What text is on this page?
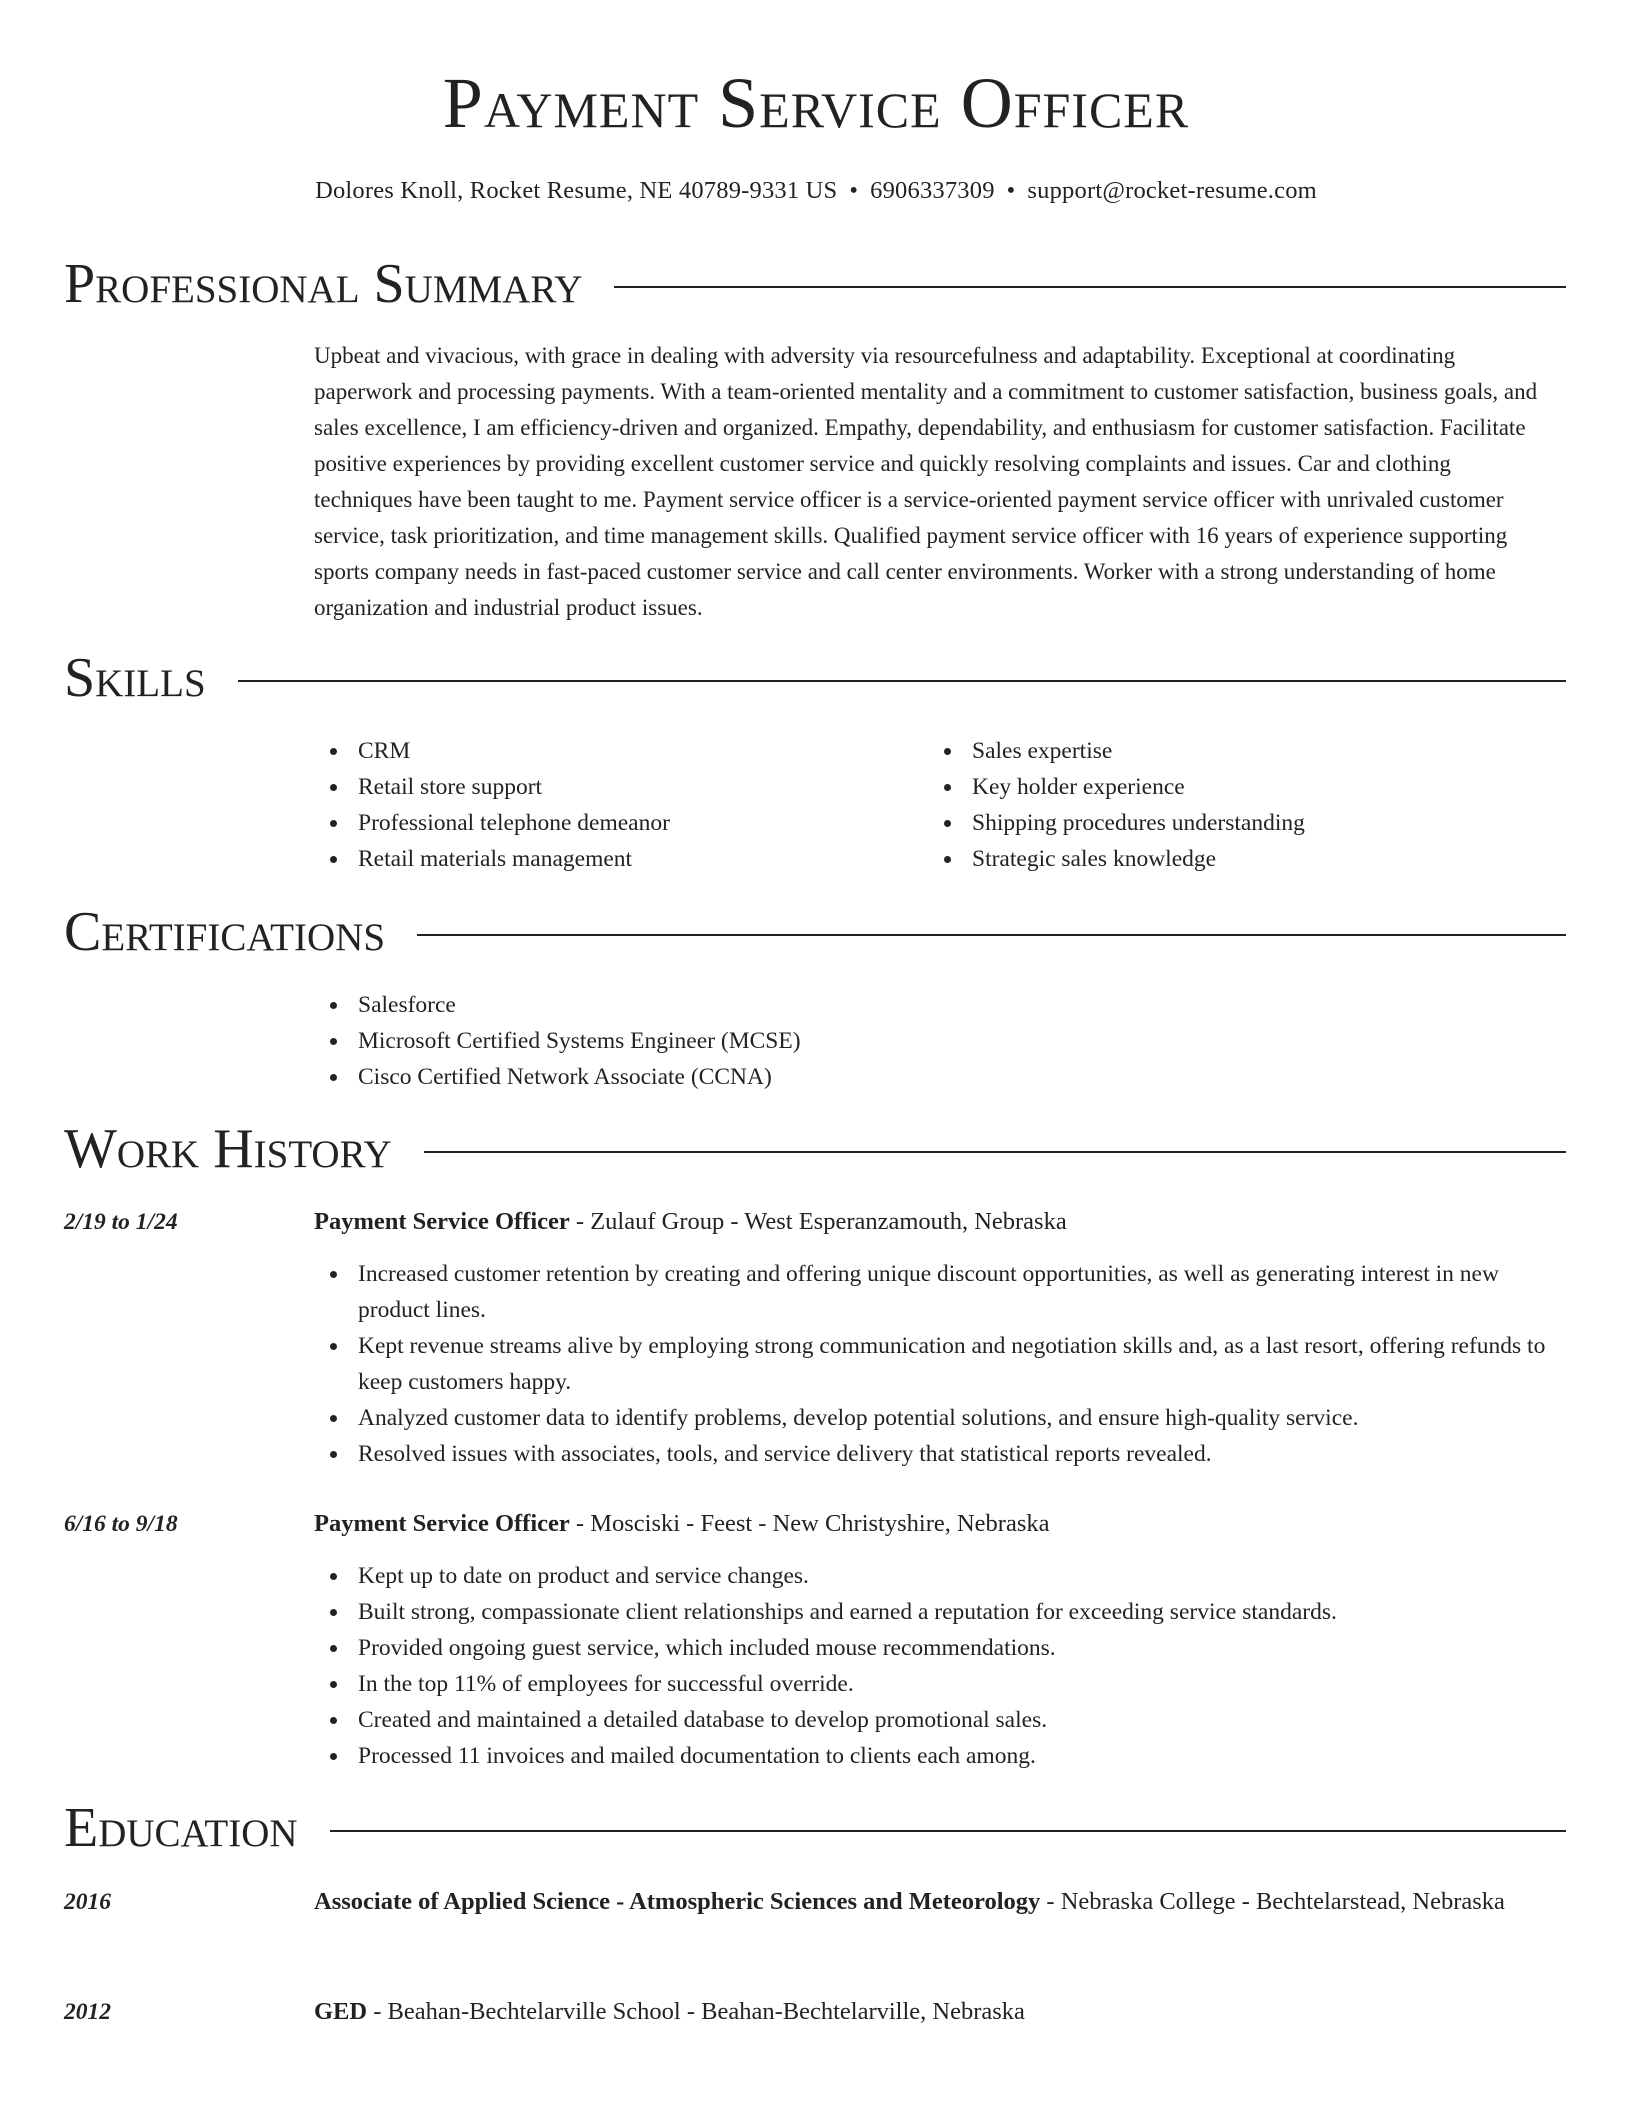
Payment Service Officer
Dolores Knoll, Rocket Resume, NE 40789-9331 US • 6906337309 • support@rocket-resume.com
Professional Summary

Upbeat and vivacious, with grace in dealing with adversity via resourcefulness and adaptability. Exceptional at coordinating paperwork and processing payments. With a team-oriented mentality and a commitment to customer satisfaction, business goals, and sales excellence, I am efficiency-driven and organized. Empathy, dependability, and enthusiasm for customer satisfaction. Facilitate positive experiences by providing excellent customer service and quickly resolving complaints and issues. Car and clothing techniques have been taught to me. Payment service officer is a service-oriented payment service officer with unrivaled customer service, task prioritization, and time management skills. Qualified payment service officer with 16 years of experience supporting sports company needs in fast-paced customer service and call center environments. Worker with a strong understanding of home organization and industrial product issues.

Skills
CRM
Retail store support
Professional telephone demeanor
Retail materials management
Sales expertise
Key holder experience
Shipping procedures understanding
Strategic sales knowledge
Certifications
Salesforce
Microsoft Certified Systems Engineer (MCSE)
Cisco Certified Network Associate (CCNA)
Work History
2/19 to 1/24	Payment Service Officer - Zulauf Group - West Esperanzamouth, Nebraska
Increased customer retention by creating and offering unique discount opportunities, as well as generating interest in new product lines.
Kept revenue streams alive by employing strong communication and negotiation skills and, as a last resort, offering refunds to keep customers happy.
Analyzed customer data to identify problems, develop potential solutions, and ensure high-quality service.
Resolved issues with associates, tools, and service delivery that statistical reports revealed.
6/16 to 9/18	Payment Service Officer - Mosciski - Feest - New Christyshire, Nebraska
Kept up to date on product and service changes.
Built strong, compassionate client relationships and earned a reputation for exceeding service standards.
Provided ongoing guest service, which included mouse recommendations.
In the top 11% of employees for successful override.
Created and maintained a detailed database to develop promotional sales.
Processed 11 invoices and mailed documentation to clients each among.
Education
2016	Associate of Applied Science - Atmospheric Sciences and Meteorology - Nebraska College - Bechtelarstead, Nebraska
2012	GED - Beahan-Bechtelarville School - Beahan-Bechtelarville, Nebraska
